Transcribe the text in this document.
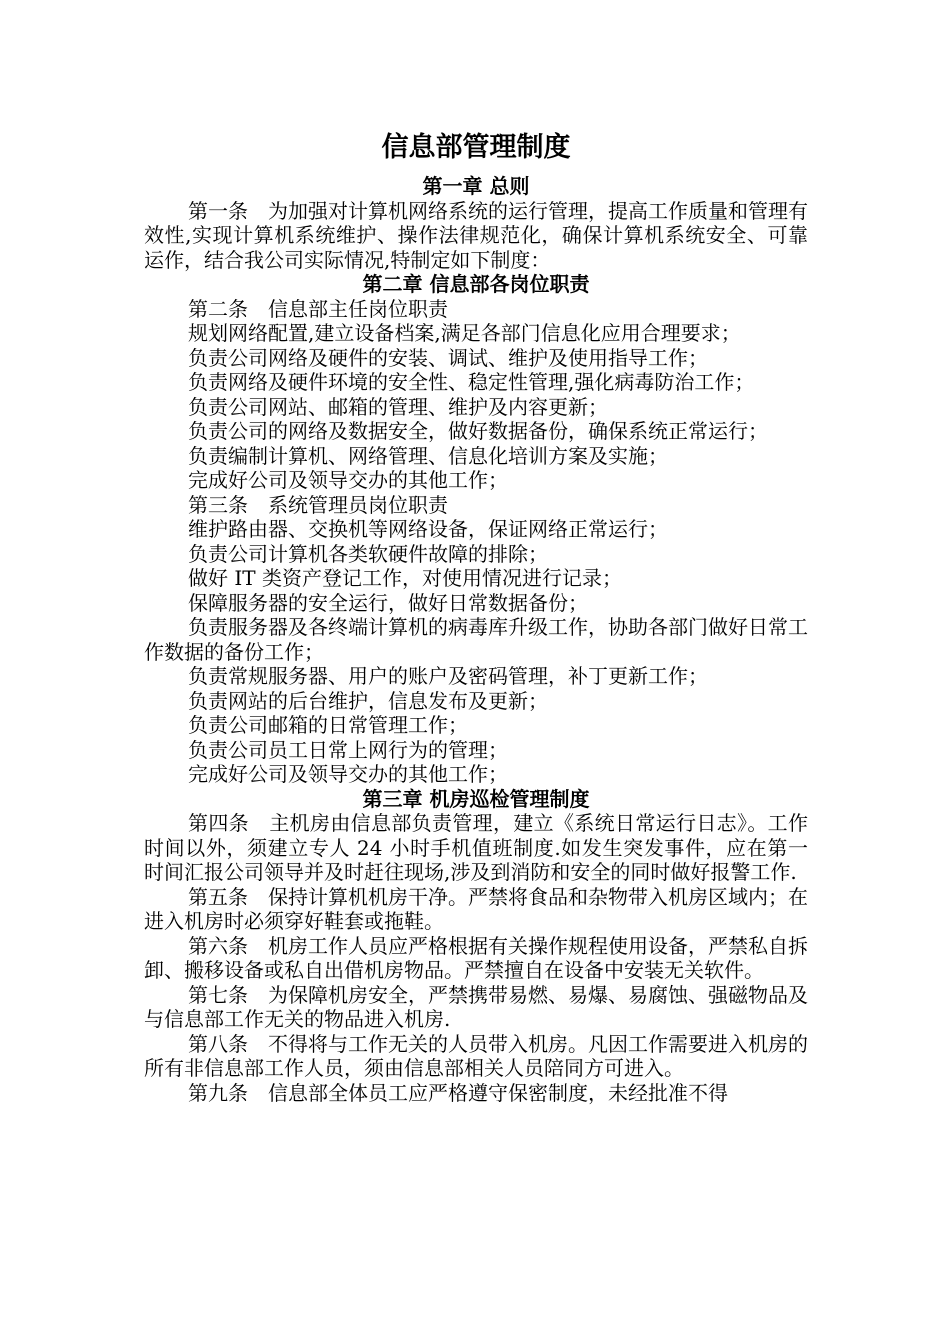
信息部管理制度
第一章 总则

第一条　为加强对计算机网络系统的运行管理，提高工作质量和管理有效性,实现计算机系统维护、操作法律规范化，确保计算机系统安全、可靠运作，结合我公司实际情况,特制定如下制度：

第二章 信息部各岗位职责

第二条　信息部主任岗位职责

规划网络配置,建立设备档案,满足各部门信息化应用合理要求；

负责公司网络及硬件的安装、调试、维护及使用指导工作；

负责网络及硬件环境的安全性、稳定性管理,强化病毒防治工作；

负责公司网站、邮箱的管理、维护及内容更新；

负责公司的网络及数据安全，做好数据备份，确保系统正常运行；

负责编制计算机、网络管理、信息化培训方案及实施；

完成好公司及领导交办的其他工作；

第三条　系统管理员岗位职责

维护路由器、交换机等网络设备，保证网络正常运行；

负责公司计算机各类软硬件故障的排除；

做好 IT 类资产登记工作，对使用情况进行记录；

保障服务器的安全运行，做好日常数据备份；

负责服务器及各终端计算机的病毒库升级工作，协助各部门做好日常工作数据的备份工作；

负责常规服务器、用户的账户及密码管理，补丁更新工作；

负责网站的后台维护，信息发布及更新；

负责公司邮箱的日常管理工作；

负责公司员工日常上网行为的管理；

完成好公司及领导交办的其他工作；

第三章 机房巡检管理制度

第四条　主机房由信息部负责管理，建立《系统日常运行日志》。工作时间以外，须建立专人 24 小时手机值班制度.如发生突发事件，应在第一时间汇报公司领导并及时赶往现场,涉及到消防和安全的同时做好报警工作.

第五条　保持计算机机房干净。严禁将食品和杂物带入机房区域内；在进入机房时必须穿好鞋套或拖鞋。

第六条　机房工作人员应严格根据有关操作规程使用设备，严禁私自拆卸、搬移设备或私自出借机房物品。严禁擅自在设备中安装无关软件。

第七条　为保障机房安全，严禁携带易燃、易爆、易腐蚀、强磁物品及与信息部工作无关的物品进入机房.

第八条　不得将与工作无关的人员带入机房。凡因工作需要进入机房的所有非信息部工作人员，须由信息部相关人员陪同方可进入。

第九条　信息部全体员工应严格遵守保密制度，未经批准不得
